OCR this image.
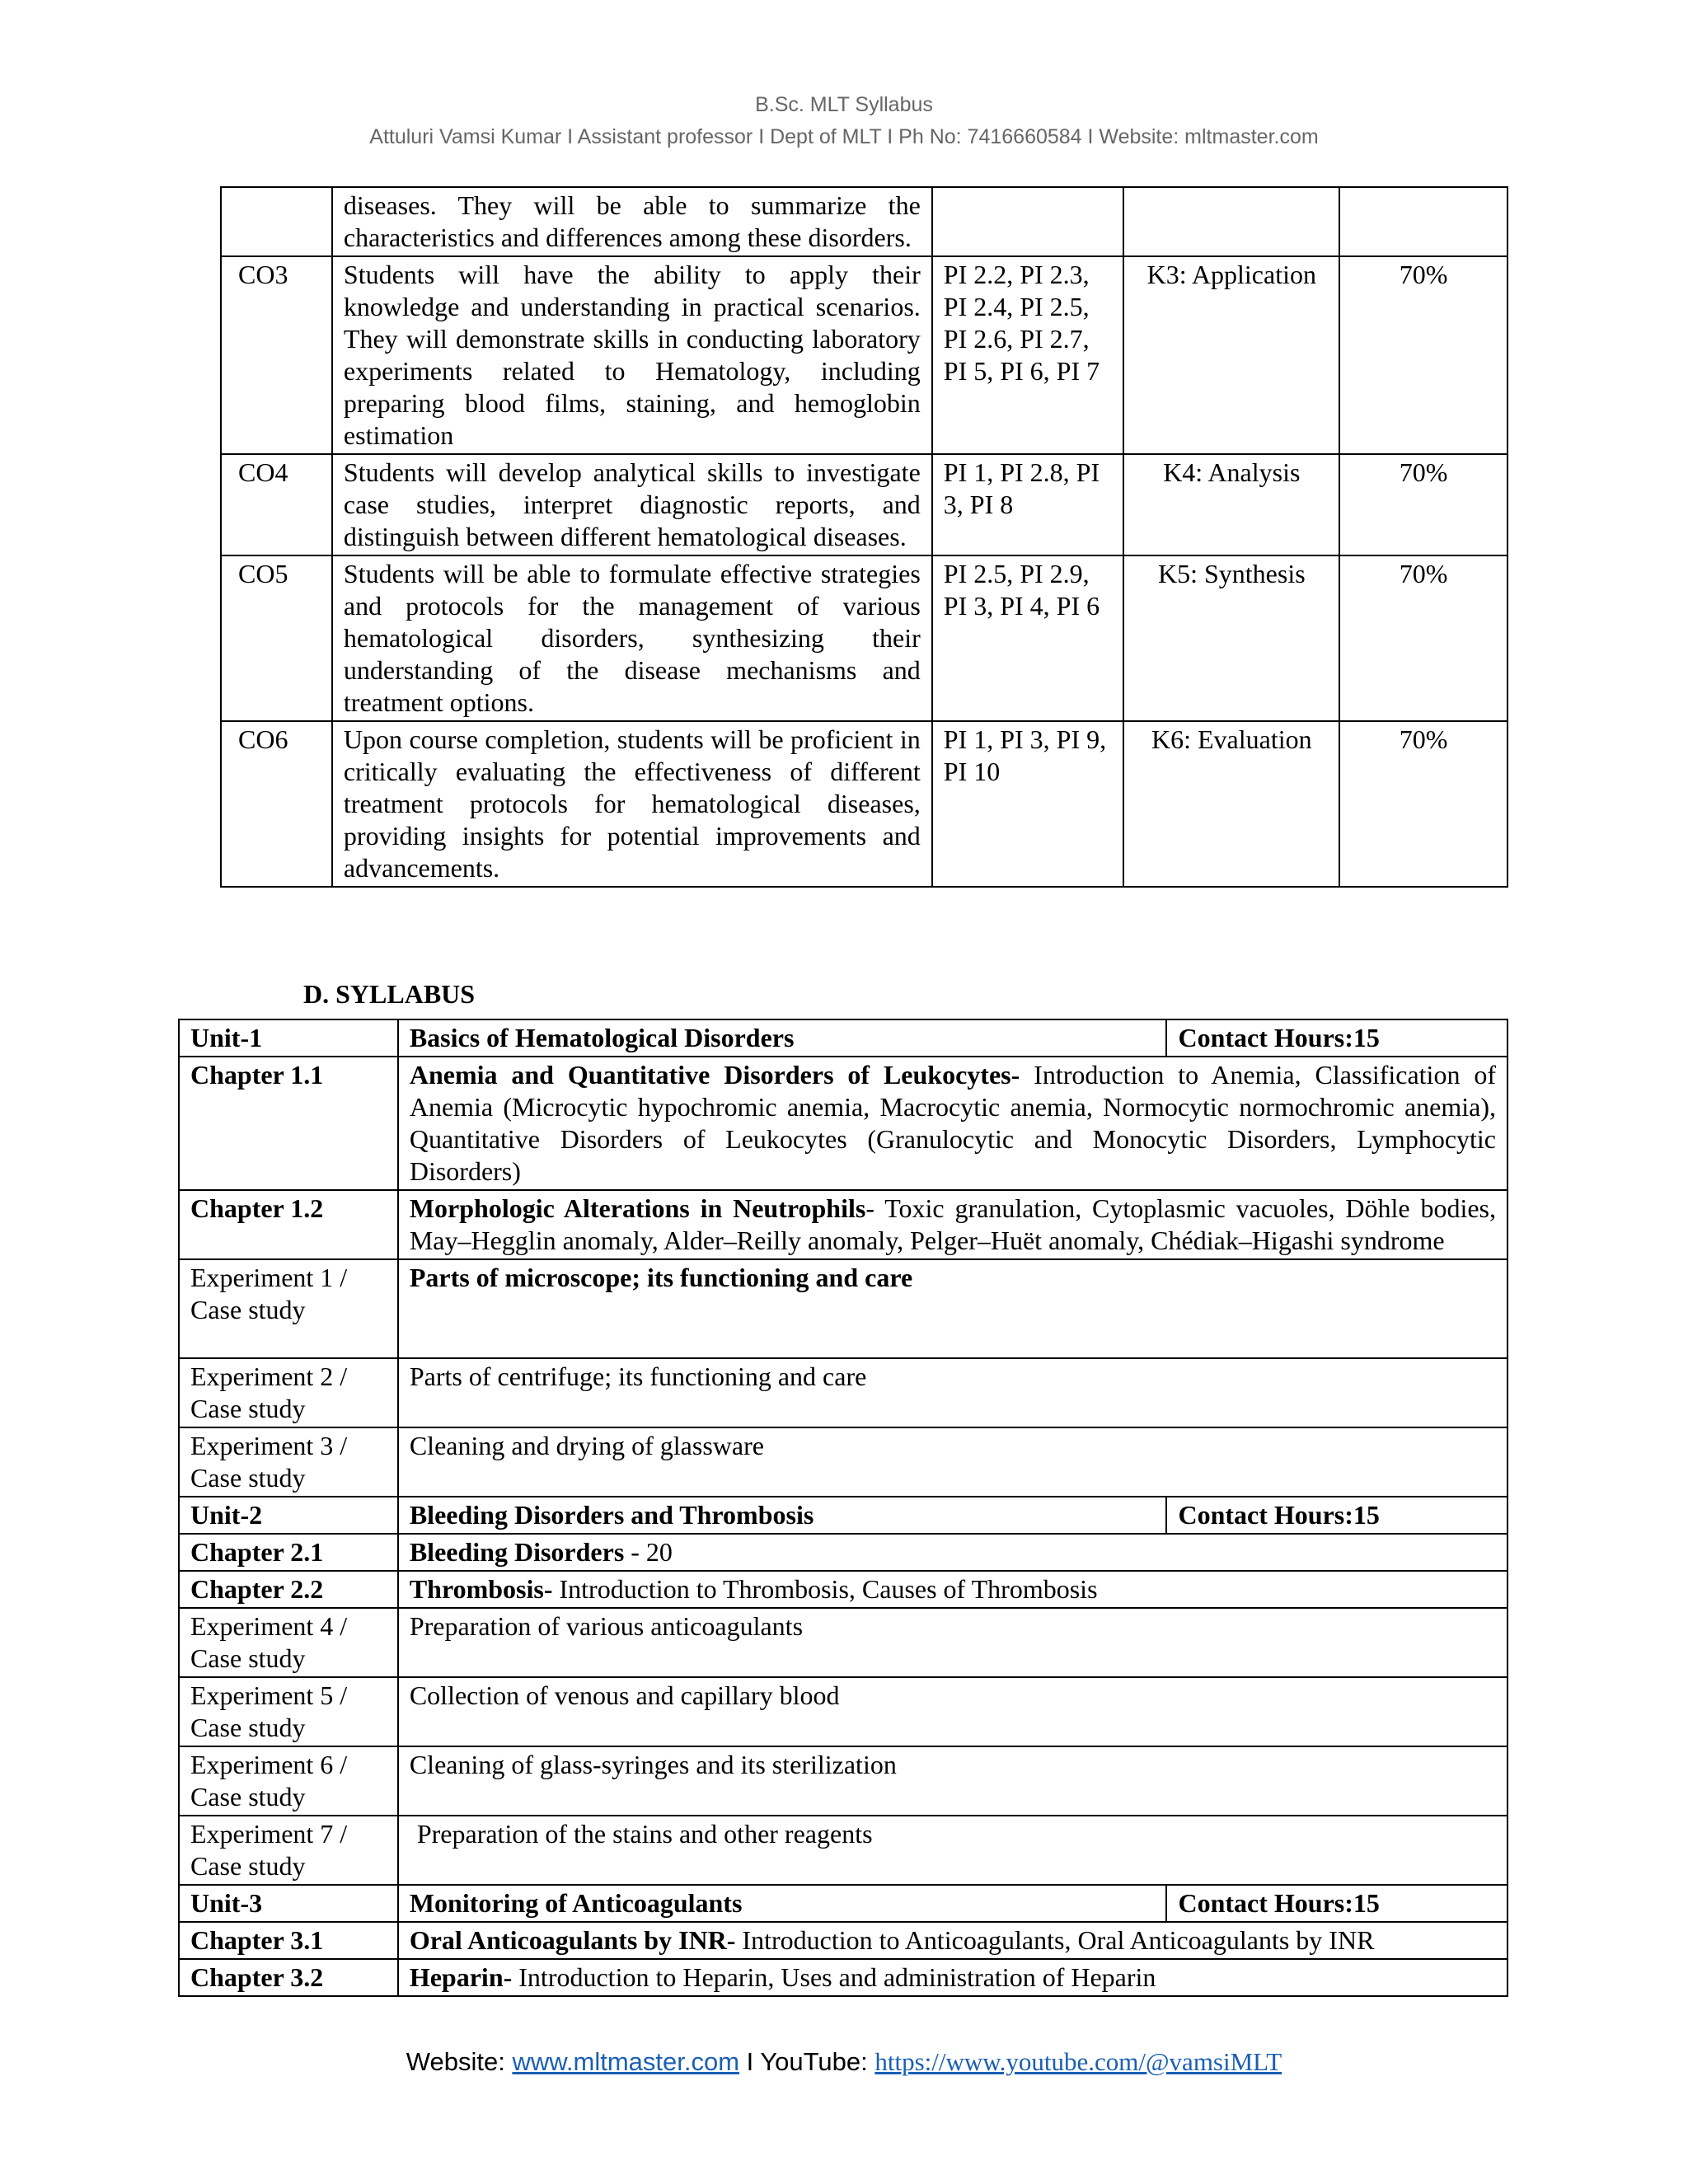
B.Sc. MLT Syllabus
Attuluri Vamsi Kumar I Assistant professor I Dept of MLT I Ph No: 7416660584 I Website: mltmaster.com
	diseases. They will be able to summarize the characteristics and differences among these disorders.			
CO3	Students will have the ability to apply their knowledge and understanding in practical scenarios. They will demonstrate skills in conducting laboratory experiments related to Hematology, including preparing blood films, staining, and hemoglobin estimation	PI 2.2, PI 2.3, PI 2.4, PI 2.5, PI 2.6, PI 2.7, PI 5, PI 6, PI 7	K3: Application	70%
CO4	Students will develop analytical skills to investigate case studies, interpret diagnostic reports, and distinguish between different hematological diseases.	PI 1, PI 2.8, PI 3, PI 8	K4: Analysis	70%
CO5	Students will be able to formulate effective strategies and protocols for the management of various hematological disorders, synthesizing their understanding of the disease mechanisms and treatment options.	PI 2.5, PI 2.9, PI 3, PI 4, PI 6	K5: Synthesis	70%
CO6	Upon course completion, students will be proficient in critically evaluating the effectiveness of different treatment protocols for hematological diseases, providing insights for potential improvements and advancements.	PI 1, PI 3, PI 9, PI 10	K6: Evaluation	70%
D. SYLLABUS
Unit-1	Basics of Hematological Disorders	Contact Hours:15
Chapter 1.1	Anemia and Quantitative Disorders of Leukocytes- Introduction to Anemia, Classification of Anemia (Microcytic hypochromic anemia, Macrocytic anemia, Normocytic normochromic anemia), Quantitative Disorders of Leukocytes (Granulocytic and Monocytic Disorders, Lymphocytic Disorders)	
Chapter 1.2	Morphologic Alterations in Neutrophils- Toxic granulation, Cytoplasmic vacuoles, Döhle bodies, May–Hegglin anomaly, Alder–Reilly anomaly, Pelger–Huët anomaly, Chédiak–Higashi syndrome	
Experiment 1 / Case study	Parts of microscope; its functioning and care	
Experiment 2 / Case study	Parts of centrifuge; its functioning and care	
Experiment 3 / Case study	Cleaning and drying of glassware	
Unit-2	Bleeding Disorders and Thrombosis	Contact Hours:15
Chapter 2.1	Bleeding Disorders - 20	
Chapter 2.2	Thrombosis- Introduction to Thrombosis, Causes of Thrombosis	
Experiment 4 / Case study	Preparation of various anticoagulants	
Experiment 5 / Case study	Collection of venous and capillary blood	
Experiment 6 / Case study	Cleaning of glass-syringes and its sterilization	
Experiment 7 / Case study	Preparation of the stains and other reagents	
Unit-3	Monitoring of Anticoagulants	Contact Hours:15
Chapter 3.1	Oral Anticoagulants by INR- Introduction to Anticoagulants, Oral Anticoagulants by INR	
Chapter 3.2	Heparin- Introduction to Heparin, Uses and administration of Heparin	
Website: www.mltmaster.com I YouTube: https://www.youtube.com/@vamsiMLT
